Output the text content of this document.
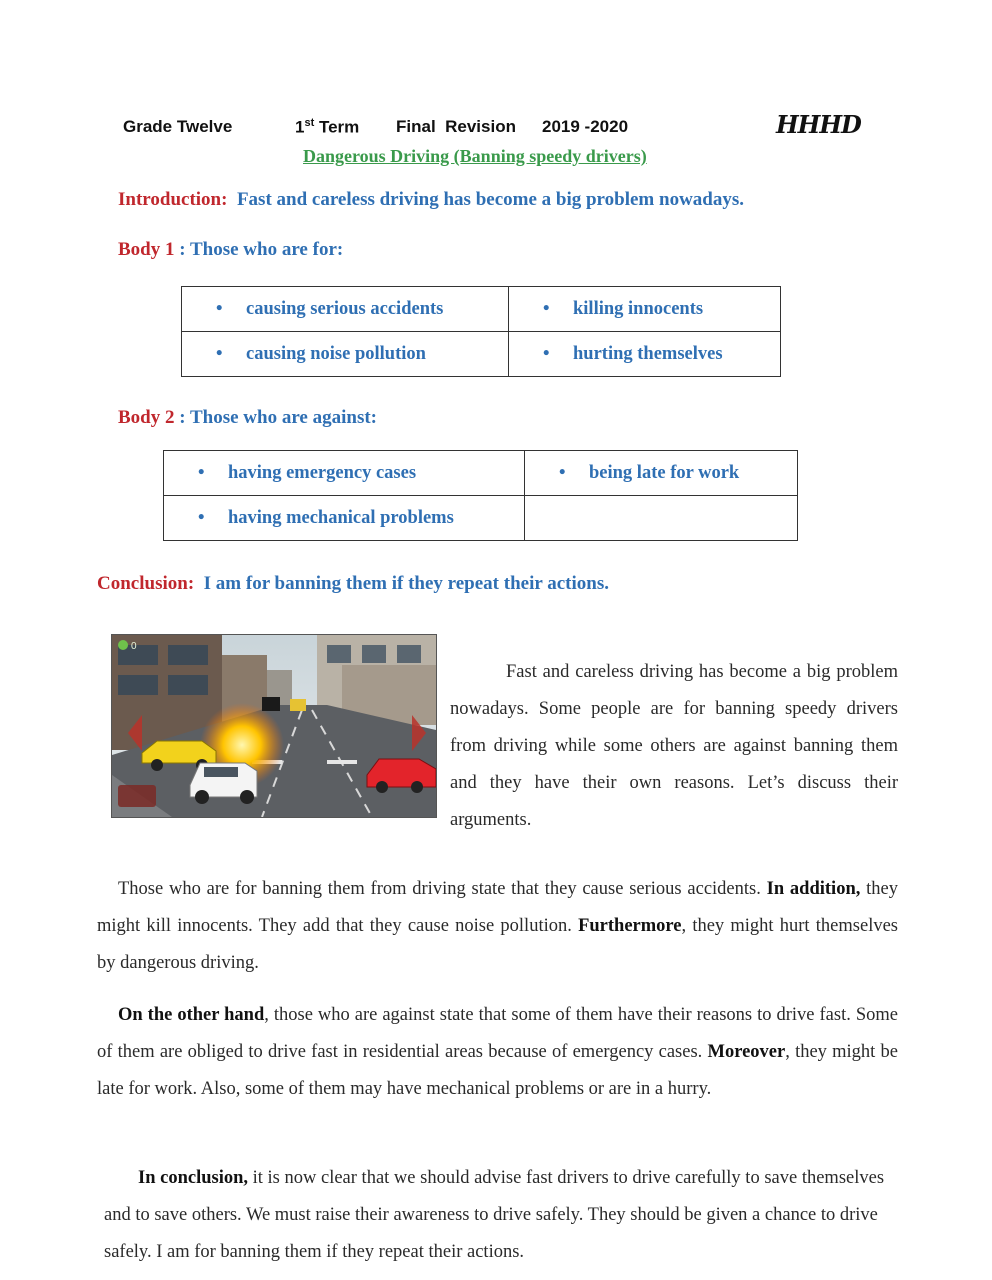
Grade Twelve	1st Term Final  Revision 2019 -2020	HHHD
Dangerous Driving (Banning speedy drivers)
Introduction: Fast and careless driving has become a big problem nowadays.
Body 1 : Those who are for:
• causing serious accidents	• killing innocents
• causing noise pollution	• hurting themselves
Body 2 : Those who are against:
• having emergency cases	• being late for work
• having mechanical problems	
Conclusion: I am for banning them if they repeat their actions.
0
Fast and careless driving has become a big problem nowadays. Some people are for banning speedy drivers from driving while some others are against banning them and they have their own reasons. Let’s discuss their arguments.
Those who are for banning them from driving state that they cause serious accidents. In addition, they might kill innocents. They add that they cause noise pollution. Furthermore, they might hurt themselves by dangerous driving.
On the other hand, those who are against state that some of them have their reasons to drive fast. Some of them are obliged to drive fast in residential areas because of emergency cases. Moreover, they might be late for work. Also, some of them may have mechanical problems or are in a hurry.
In conclusion, it is now clear that we should advise fast drivers to drive carefully to save themselves and to save others. We must raise their awareness to drive safely. They should be given a chance to drive safely. I am for banning them if they repeat their actions.
